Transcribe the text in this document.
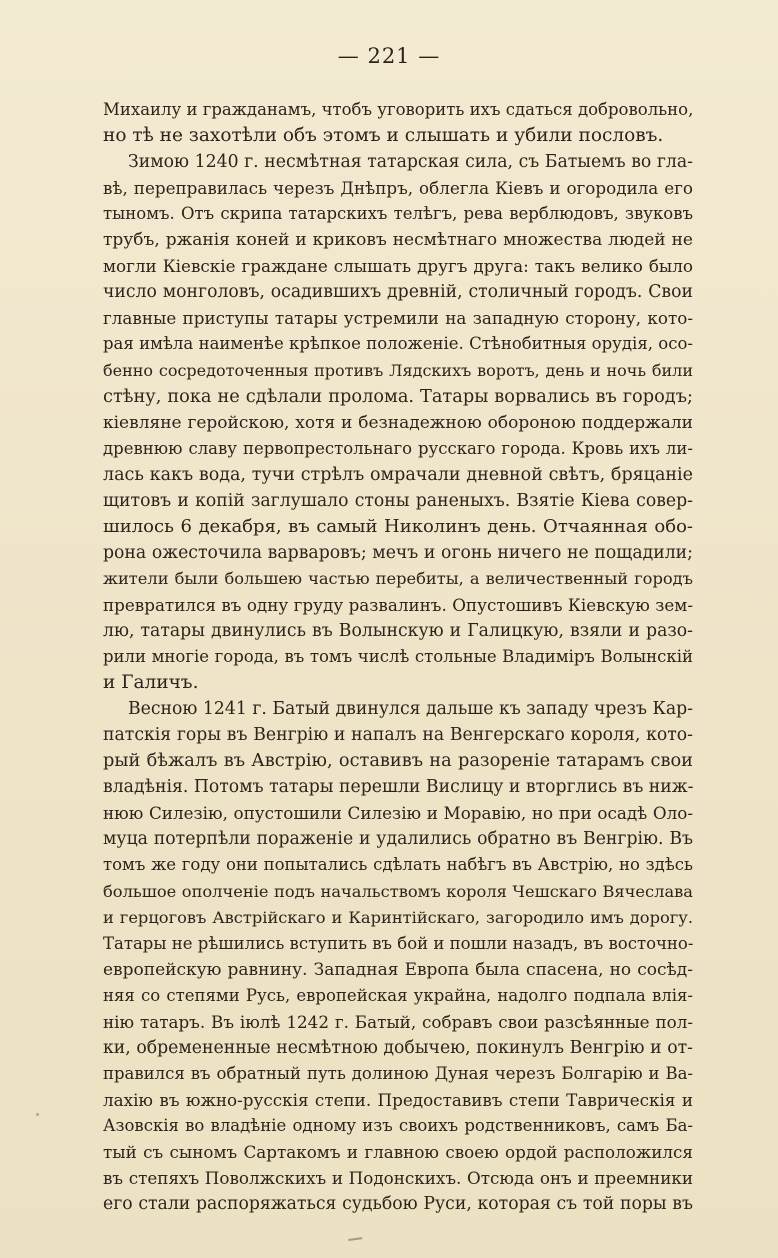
— 221 —
Михаилу и гражданамъ, чтобъ уговорить ихъ сдаться добровольно,
но тѣ не захотѣли объ этомъ и слышать и убили пословъ.
Зимою 1240 г. несмѣтная татарская сила, съ Батыемъ во гла-
вѣ, переправилась черезъ Днѣпръ, облегла Кіевъ и огородила его
тыномъ. Отъ скрипа татарскихъ телѣгъ, рева верблюдовъ, звуковъ
трубъ, ржанія коней и криковъ несмѣтнаго множества людей не
могли Кіевскіе граждане слышать другъ друга: такъ велико было
число монголовъ, осадившихъ древній, столичный городъ. Свои
главные приступы татары устремили на западную сторону, кото-
рая имѣла наименѣе крѣпкое положеніе. Стѣнобитныя орудія, осо-
бенно сосредоточенныя противъ Лядскихъ воротъ, день и ночь били
стѣну, пока не сдѣлали пролома. Татары ворвались въ городъ;
кіевляне геройскою, хотя и безнадежною обороною поддержали
древнюю славу первопрестольнаго русскаго города. Кровь ихъ ли-
лась какъ вода, тучи стрѣлъ омрачали дневной свѣтъ, бряцаніе
щитовъ и копій заглушало стоны раненыхъ. Взятіе Кіева совер-
шилось 6 декабря, въ самый Николинъ день. Отчаянная обо-
рона ожесточила варваровъ; мечъ и огонь ничего не пощадили;
жители были большею частью перебиты, а величественный городъ
превратился въ одну груду развалинъ. Опустошивъ Кіевскую зем-
лю, татары двинулись въ Волынскую и Галицкую, взяли и разо-
рили многіе города, въ томъ числѣ стольные Владиміръ Волынскій
и Галичъ.
Весною 1241 г. Батый двинулся дальше къ западу чрезъ Кар-
патскія горы въ Венгрію и напалъ на Венгерскаго короля, кото-
рый бѣжалъ въ Австрію, оставивъ на разореніе татарамъ свои
владѣнія. Потомъ татары перешли Вислицу и вторглись въ ниж-
нюю Силезію, опустошили Силезію и Моравію, но при осадѣ Оло-
муца потерпѣли пораженіе и удалились обратно въ Венгрію. Въ
томъ же году они попытались сдѣлать набѣгъ въ Австрію, но здѣсь
большое ополченіе подъ начальствомъ короля Чешскаго Вячеслава
и герцоговъ Австрійскаго и Каринтійскаго, загородило имъ дорогу.
Татары не рѣшились вступить въ бой и пошли назадъ, въ восточно-
европейскую равнину. Западная Европа была спасена, но сосѣд-
няя со степями Русь, европейская украйна, надолго подпала влія-
нію татаръ. Въ іюлѣ 1242 г. Батый, собравъ свои разсѣянные пол-
ки, обремененные несмѣтною добычею, покинулъ Венгрію и от-
правился въ обратный путь долиною Дуная черезъ Болгарію и Ва-
лахію въ южно-русскія степи. Предоставивъ степи Таврическія и
Азовскія во владѣніе одному изъ своихъ родственниковъ, самъ Ба-
тый съ сыномъ Сартакомъ и главною своею ордой расположился
въ степяхъ Поволжскихъ и Подонскихъ. Отсюда онъ и преемники
его стали распоряжаться судьбою Руси, которая съ той поры въ
